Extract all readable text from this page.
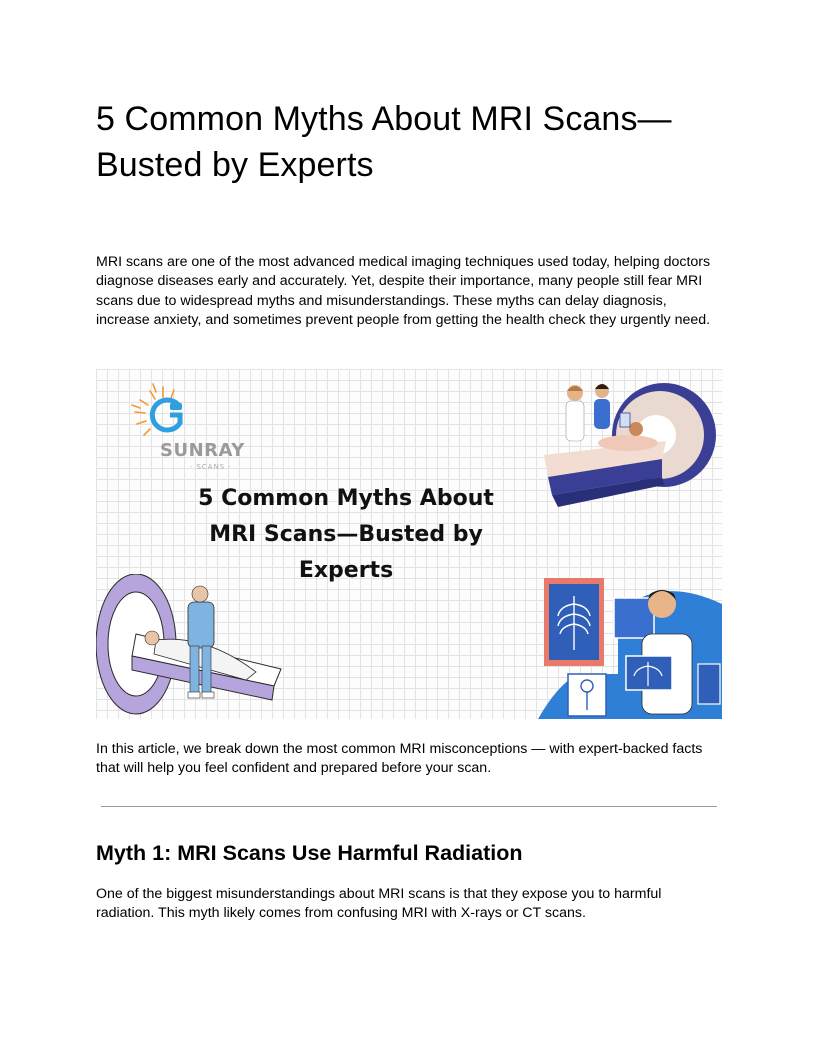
5 Common Myths About MRI Scans—Busted by Experts

MRI scans are one of the most advanced medical imaging techniques used today, helping doctors diagnose diseases early and accurately. Yet, despite their importance, many people still fear MRI scans due to widespread myths and misunderstandings. These myths can delay diagnosis, increase anxiety, and sometimes prevent people from getting the health check they urgently need.

SUNRAY
· SCANS ·

5 Common Myths About MRI Scans—Busted by Experts

In this article, we break down the most common MRI misconceptions — with expert-backed facts that will help you feel confident and prepared before your scan.

Myth 1: MRI Scans Use Harmful Radiation

One of the biggest misunderstandings about MRI scans is that they expose you to harmful radiation. This myth likely comes from confusing MRI with X-rays or CT scans.
